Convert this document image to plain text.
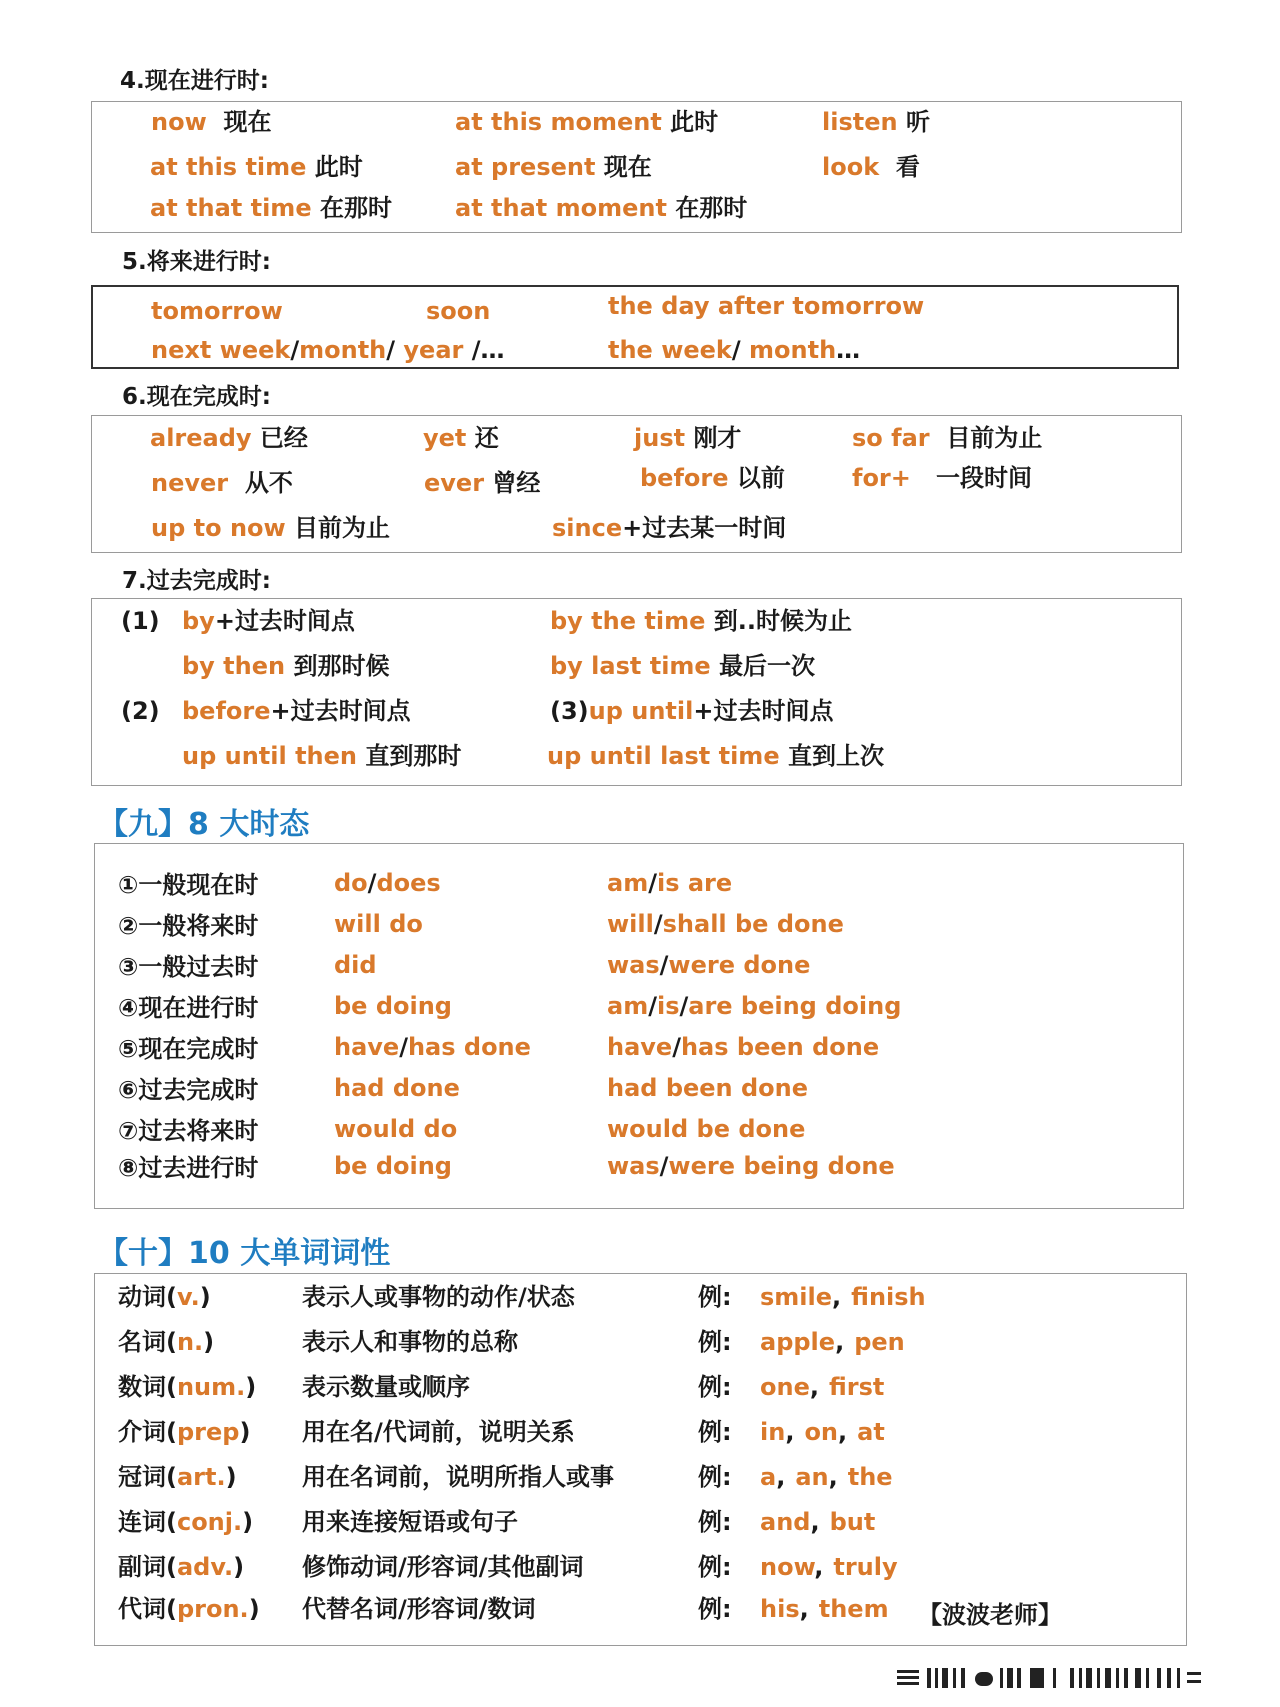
4.现在进行时:
now 现在	at this moment 此时	listen 听
at this time 此时	at present 现在	look 看
at that time 在那时	at that moment 在那时
5.将来进行时:
tomorrow	soon	the day after tomorrow
next week/month/ year /…	the week/ month…
6.现在完成时:
already 已经	yet 还	just 刚才	so far 目前为止
never 从不	ever 曾经	before 以前	for+ 一段时间
up to now 目前为止	since+过去某一时间
7.过去完成时:
(1) by+过去时间点	by the time 到..时候为止
by then 到那时候	by last time 最后一次
(2) before+过去时间点	(3)up until+过去时间点
up until then 直到那时	up until last time 直到上次
【九】8 大时态
①一般现在时	do/does	am/is are
②一般将来时	will do	will/shall be done
③一般过去时	did	was/were done
④现在进行时	be doing	am/is/are being doing
⑤现在完成时	have/has done	have/has been done
⑥过去完成时	had done	had been done
⑦过去将来时	would do	would be done
⑧过去进行时	be doing	was/were being done
【十】10 大单词词性
动词(v.)	表示人或事物的动作/状态	例: smile, finish
名词(n.)	表示人和事物的总称	例: apple, pen
数词(num.) 表示数量或顺序	例: one, first
介词(prep) 用在名/代词前，说明关系	例: in, on, at
冠词(art.)	用在名词前，说明所指人或事	例: a, an, the
连词(conj.) 用来连接短语或句子	例: and, but
副词(adv.) 修饰动词/形容词/其他副词	例: now, truly
代词(pron.) 代替名词/形容词/数词	例: his, them 【波波老师】
